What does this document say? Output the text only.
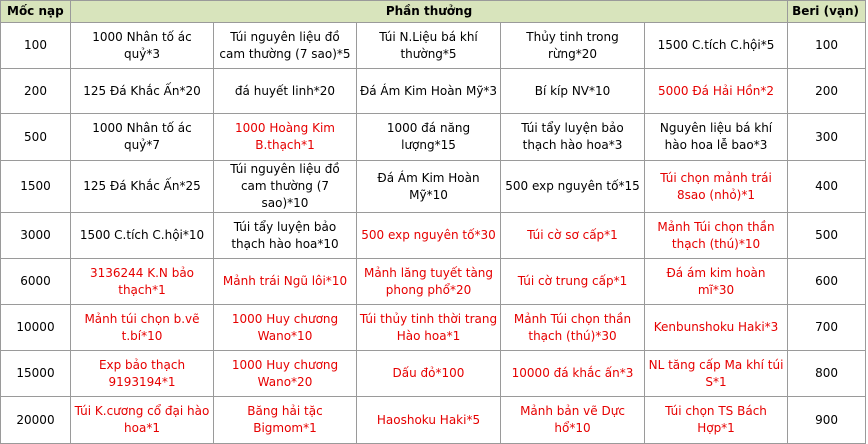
Mốc nạp	Phần thưởng					Beri (vạn)
100	1000 Nhân tố ác quỷ*3	Túi nguyên liệu đồ cam thường (7 sao)*5	Túi N.Liệu bá khí thường*5	Thủy tinh trong rừng*20	1500 C.tích C.hội*5	100
200	125 Đá Khắc Ấn*20	đá huyết linh*20	Đá Ám Kim Hoàn Mỹ*3	Bí kíp NV*10	5000 Đá Hải Hồn*2	200
500	1000 Nhân tố ác quỷ*7	1000 Hoàng Kim B.thạch*1	1000 đá năng lượng*15	Túi tẩy luyện bảo thạch hào hoa*3	Nguyên liệu bá khí hào hoa lễ bao*3	300
1500	125 Đá Khắc Ấn*25	Túi nguyên liệu đồ cam thường (7 sao)*10	Đá Ám Kim Hoàn Mỹ*10	500 exp nguyên tố*15	Túi chọn mảnh trái 8sao (nhỏ)*1	400
3000	1500 C.tích C.hội*10	Túi tẩy luyện bảo thạch hào hoa*10	500 exp nguyên tố*30	Túi cờ sơ cấp*1	Mảnh Túi chọn thần thạch (thú)*10	500
6000	3136244 K.N bảo thạch*1	Mảnh trái Ngũ lôi*10	Mảnh lăng tuyết tàng phong phổ*20	Túi cờ trung cấp*1	Đá ám kim hoàn mĩ*30	600
10000	Mảnh túi chọn b.vẽ t.bí*10	1000 Huy chương Wano*10	Túi thủy tinh thời trang Hào hoa*1	Mảnh Túi chọn thần thạch (thú)*30	Kenbunshoku Haki*3	700
15000	Exp bảo thạch 9193194*1	1000 Huy chương Wano*20	Dấu đỏ*100	10000 đá khắc ấn*3	NL tăng cấp Ma khí túi S*1	800
20000	Túi K.cương cổ đại hào hoa*1	Băng hải tặc Bigmom*1	Haoshoku Haki*5	Mảnh bản vẽ Dực hổ*10	Túi chọn TS Bách Hợp*1	900
